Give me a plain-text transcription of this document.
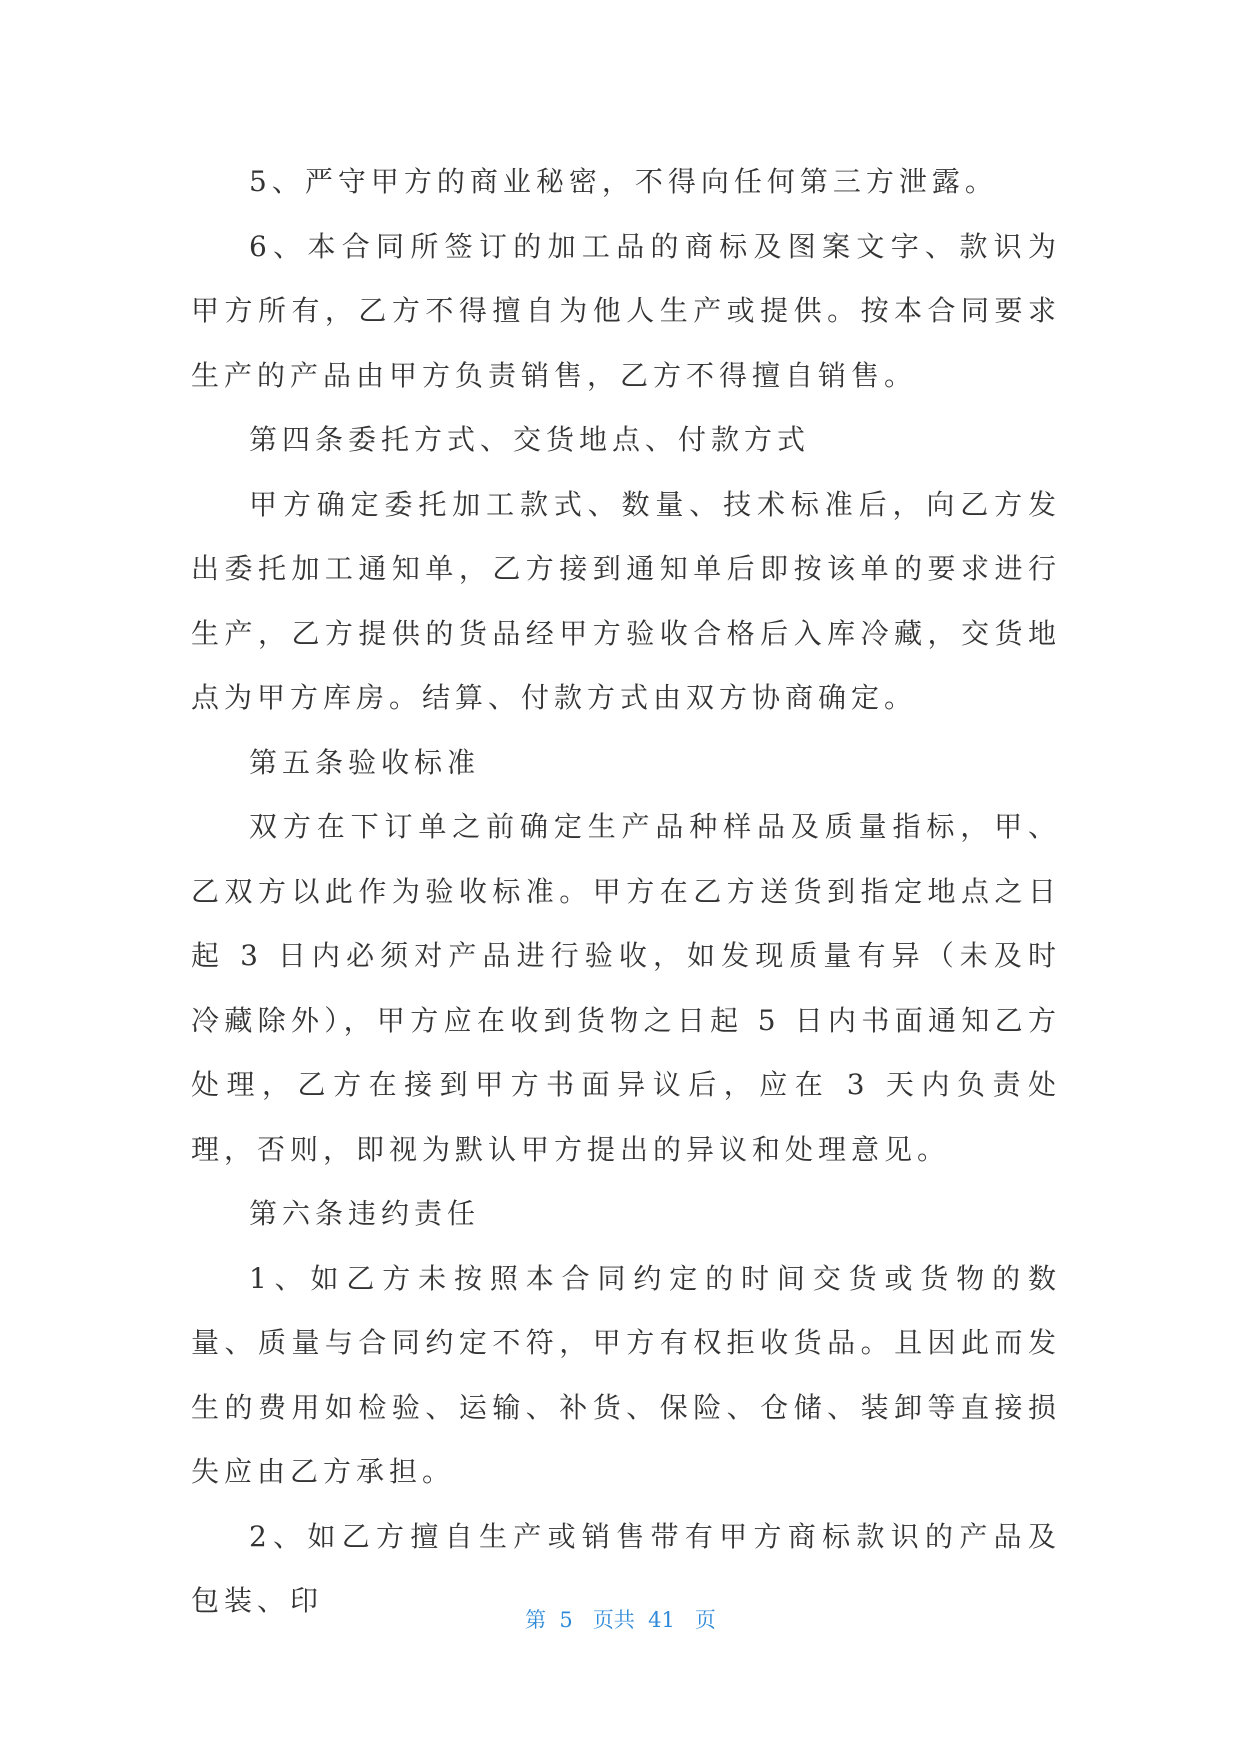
5、严守甲方的商业秘密，不得向任何第三方泄露。

6、本合同所签订的加工品的商标及图案文字、款识为甲方所有，乙方不得擅自为他人生产或提供。按本合同要求生产的产品由甲方负责销售，乙方不得擅自销售。

第四条委托方式、交货地点、付款方式

甲方确定委托加工款式、数量、技术标准后，向乙方发出委托加工通知单，乙方接到通知单后即按该单的要求进行生产，乙方提供的货品经甲方验收合格后入库冷藏，交货地点为甲方库房。结算、付款方式由双方协商确定。

第五条验收标准

双方在下订单之前确定生产品种样品及质量指标，甲、乙双方以此作为验收标准。甲方在乙方送货到指定地点之日起 3 日内必须对产品进行验收，如发现质量有异（未及时冷藏除外），甲方应在收到货物之日起 5 日内书面通知乙方处理，乙方在接到甲方书面异议后，应在 3 天内负责处理，否则，即视为默认甲方提出的异议和处理意见。

第六条违约责任

1、如乙方未按照本合同约定的时间交货或货物的数量、质量与合同约定不符，甲方有权拒收货品。且因此而发生的费用如检验、运输、补货、保险、仓储、装卸等直接损失应由乙方承担。

2、如乙方擅自生产或销售带有甲方商标款识的产品及包装、印

第  5   页共  41   页
